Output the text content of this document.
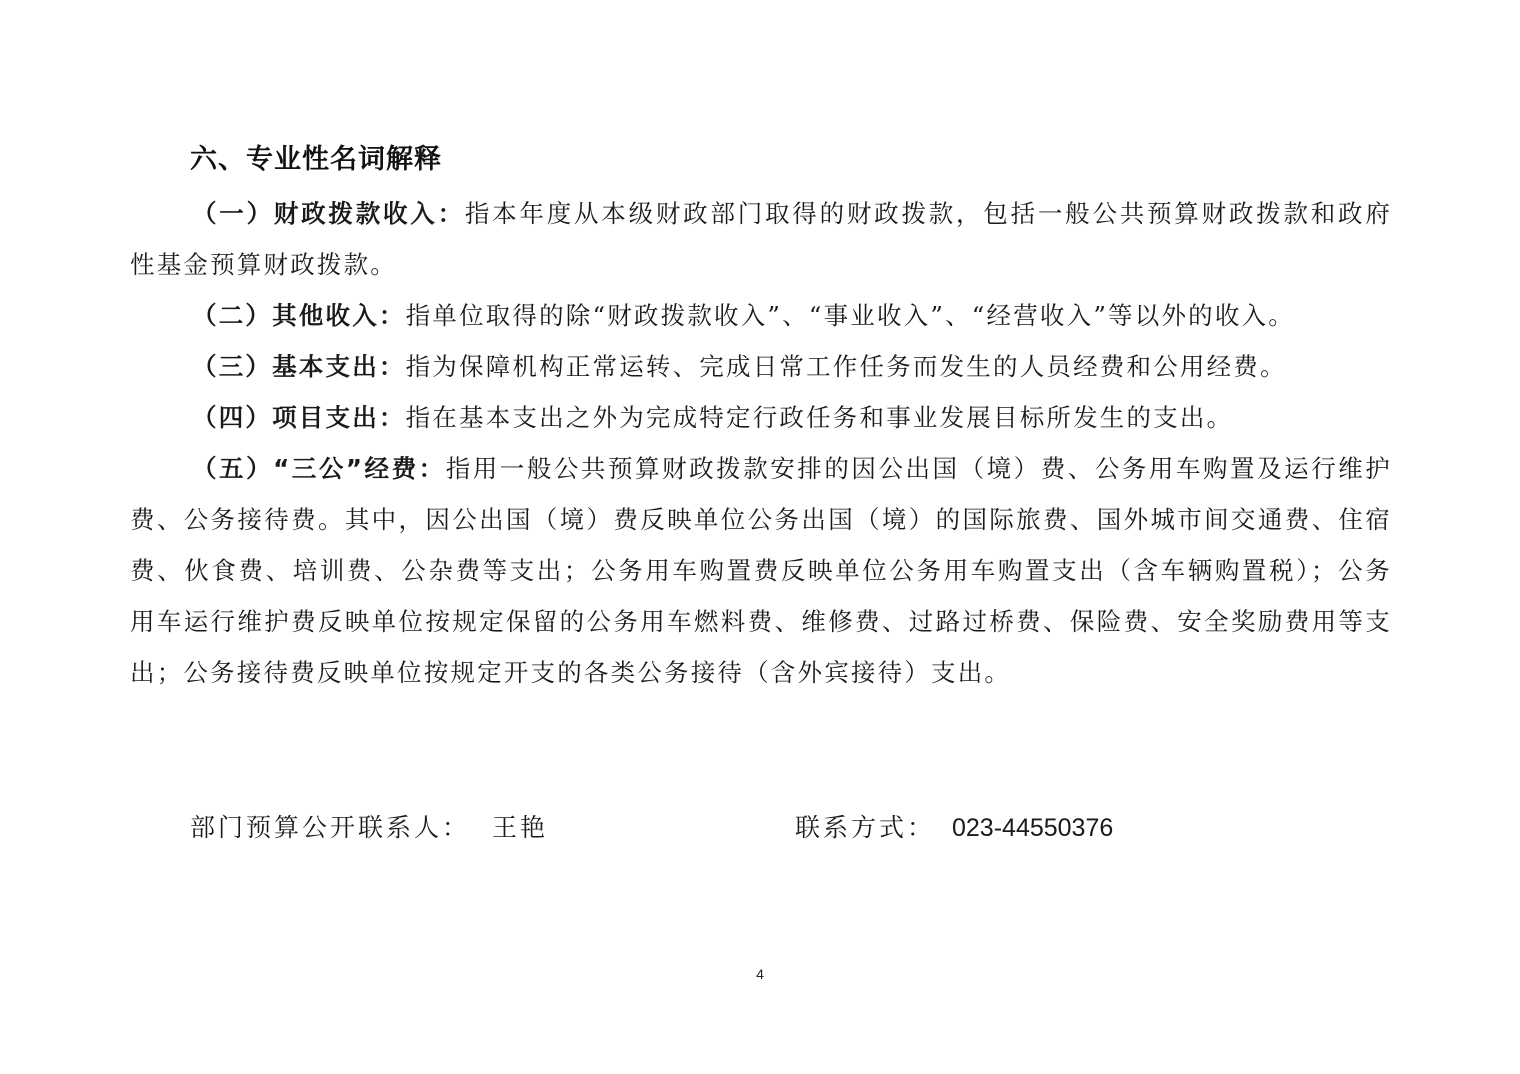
六、专业性名词解释

（一）财政拨款收入：指本年度从本级财政部门取得的财政拨款，包括一般公共预算财政拨款和政府性基金预算财政拨款。

（二）其他收入：指单位取得的除“财政拨款收入”、“事业收入”、“经营收入”等以外的收入。

（三）基本支出：指为保障机构正常运转、完成日常工作任务而发生的人员经费和公用经费。

（四）项目支出：指在基本支出之外为完成特定行政任务和事业发展目标所发生的支出。

（五）“三公”经费：指用一般公共预算财政拨款安排的因公出国（境）费、公务用车购置及运行维护费、公务接待费。其中，因公出国（境）费反映单位公务出国（境）的国际旅费、国外城市间交通费、住宿费、伙食费、培训费、公杂费等支出；公务用车购置费反映单位公务用车购置支出（含车辆购置税）；公务用车运行维护费反映单位按规定保留的公务用车燃料费、维修费、过路过桥费、保险费、安全奖励费用等支出；公务接待费反映单位按规定开支的各类公务接待（含外宾接待）支出。

部门预算公开联系人： 王艳	联系方式： 023-44550376
4
